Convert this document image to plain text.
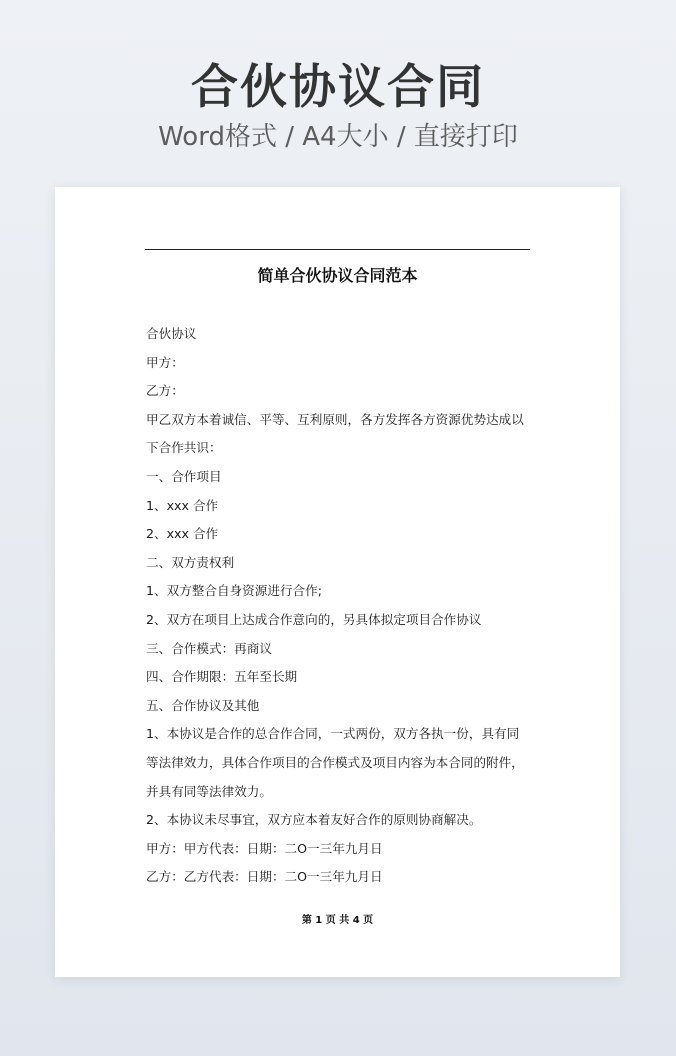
合伙协议合同
Word格式 / A4大小 / 直接打印
简单合伙协议合同范本
合伙协议
甲方：
乙方：
甲乙双方本着诚信、平等、互利原则，各方发挥各方资源优势达成以
下合作共识：
一、合作项目
1、xxx 合作
2、xxx 合作
二、双方责权利
1、双方整合自身资源进行合作;
2、双方在项目上达成合作意向的，另具体拟定项目合作协议
三、合作模式：再商议
四、合作期限：五年至长期
五、合作协议及其他
1、本协议是合作的总合作合同，一式两份，双方各执一份，具有同
等法律效力，具体合作项目的合作模式及项目内容为本合同的附件，
并具有同等法律效力。
2、本协议未尽事宜，双方应本着友好合作的原则协商解决。
甲方：甲方代表：日期：二O一三年九月日
乙方：乙方代表：日期：二O一三年九月日
第 1 页 共 4 页
